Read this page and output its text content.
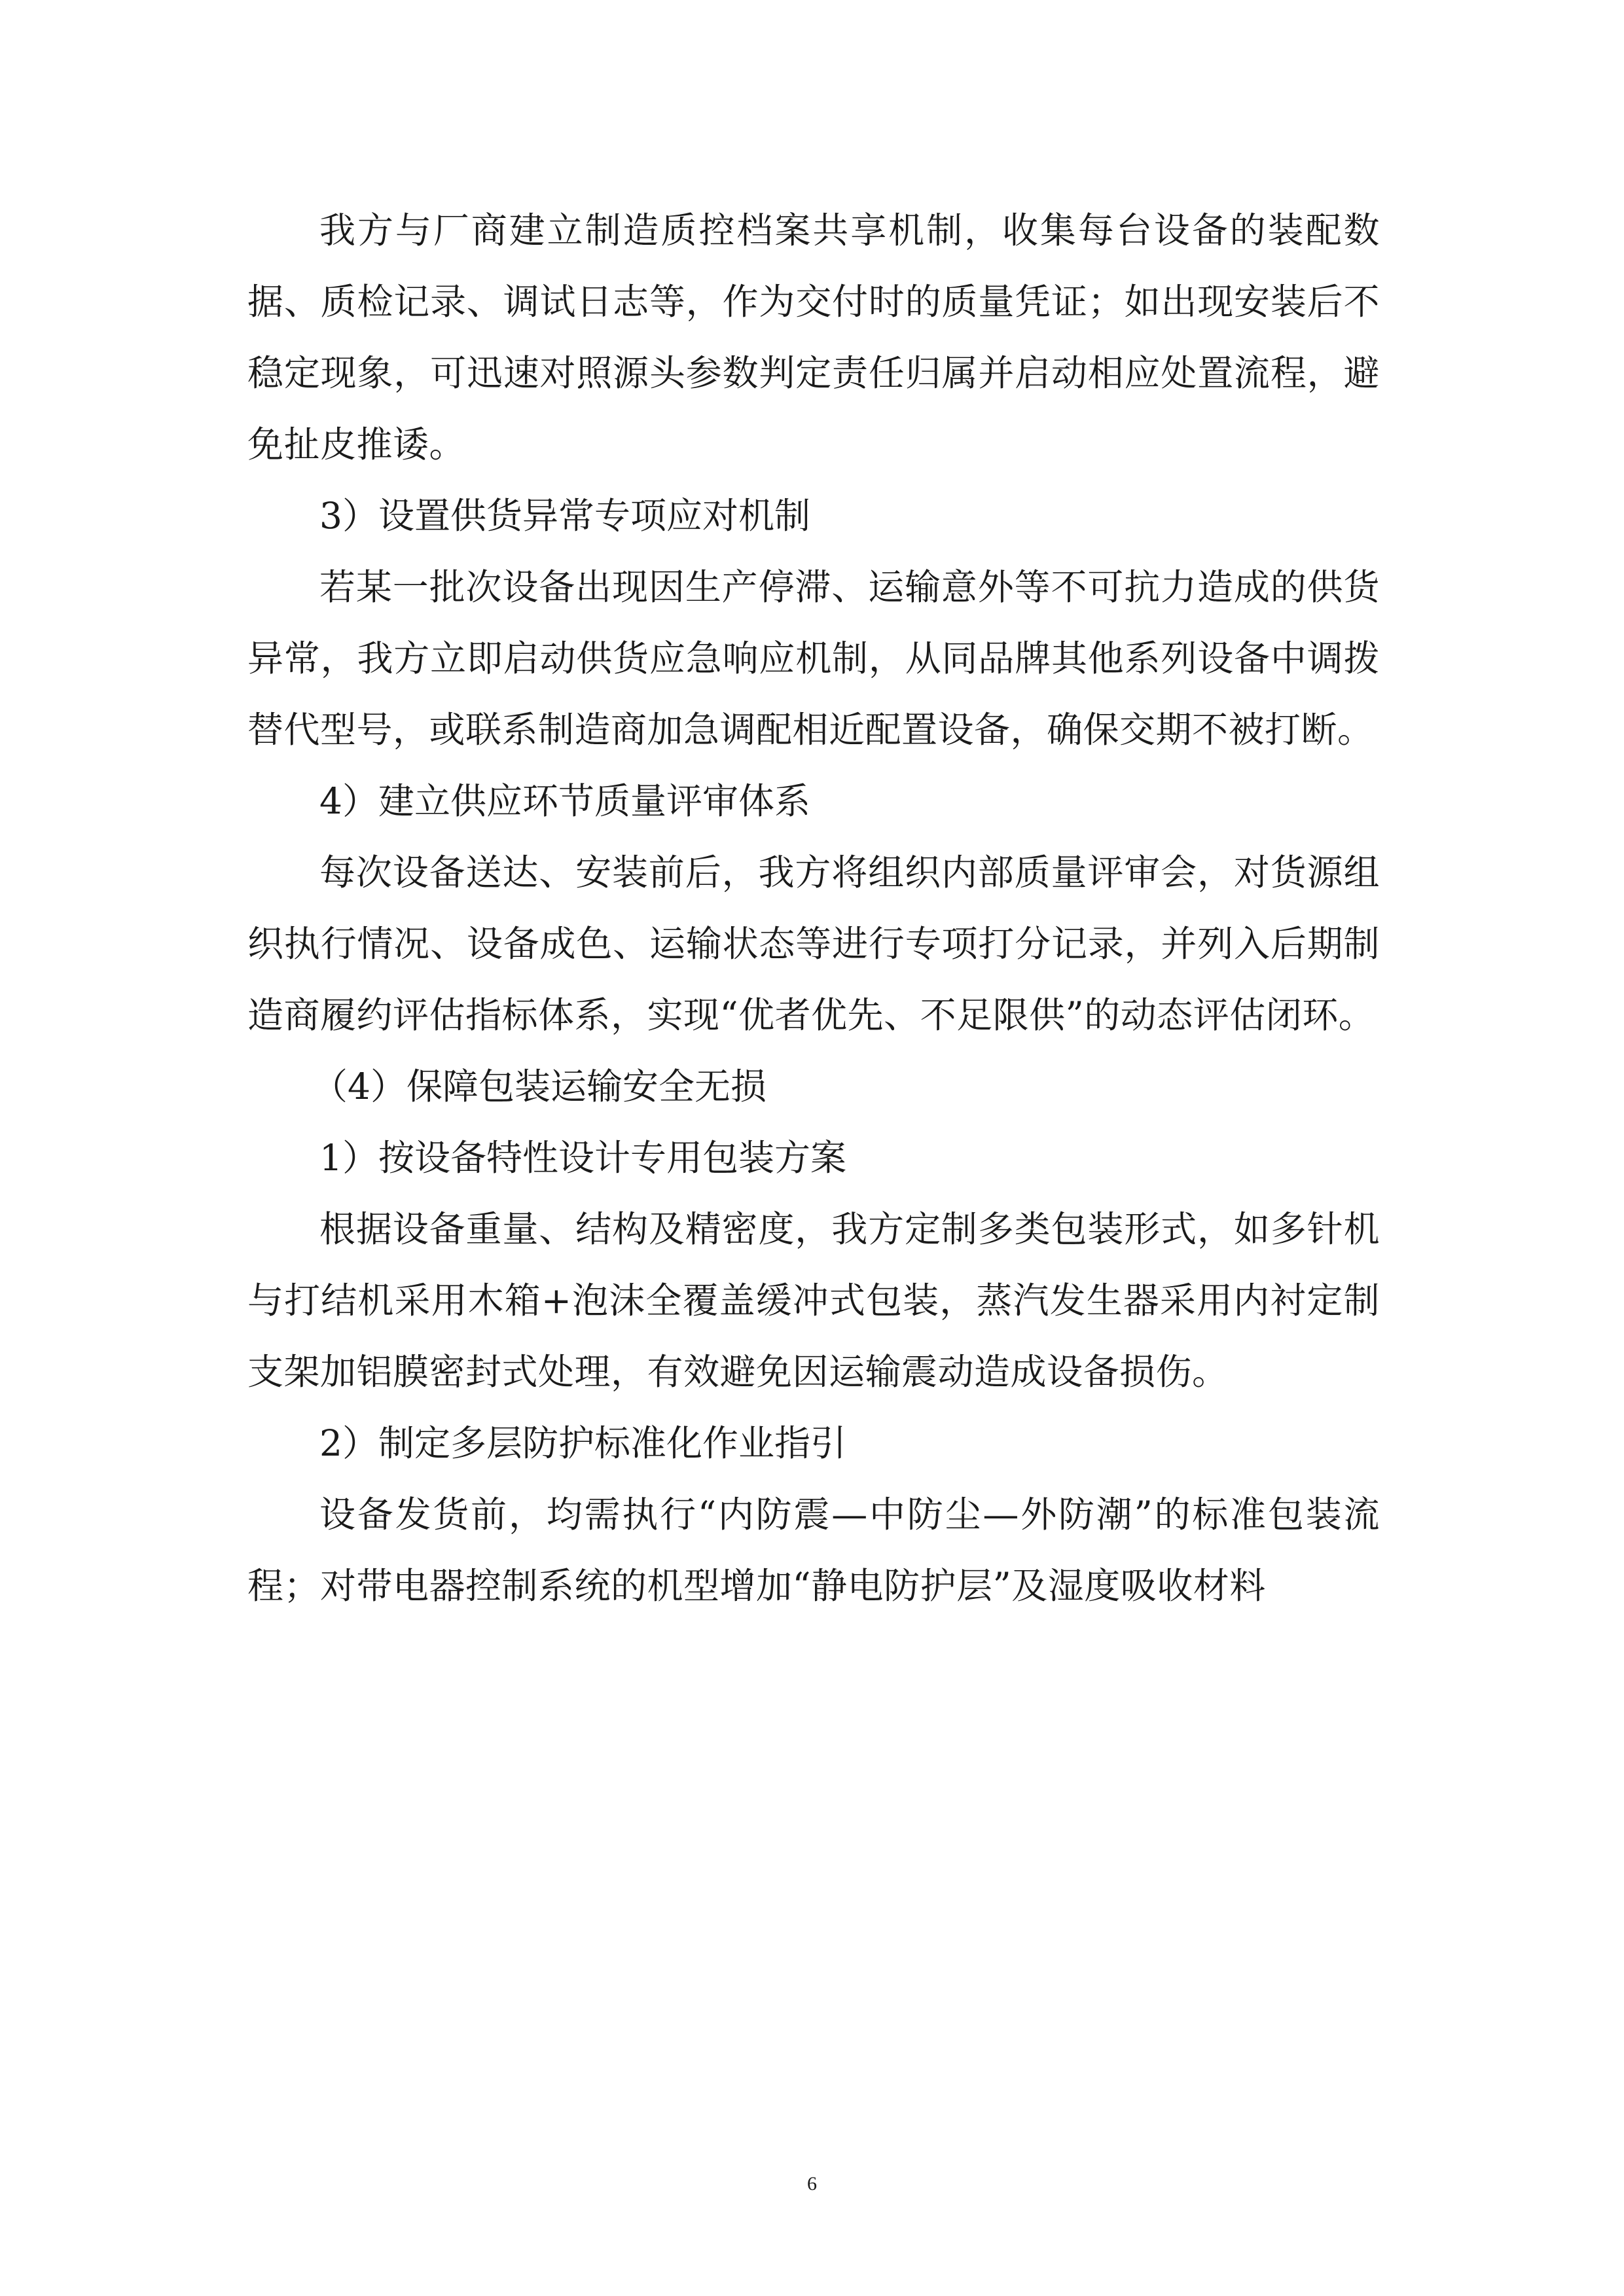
我方与厂商建立制造质控档案共享机制，收集每台设备的装配数据、质检记录、调试日志等，作为交付时的质量凭证；如出现安装后不稳定现象，可迅速对照源头参数判定责任归属并启动相应处置流程，避免扯皮推诿。

3）设置供货异常专项应对机制

若某一批次设备出现因生产停滞、运输意外等不可抗力造成的供货异常，我方立即启动供货应急响应机制，从同品牌其他系列设备中调拨替代型号，或联系制造商加急调配相近配置设备，确保交期不被打断。

4）建立供应环节质量评审体系

每次设备送达、安装前后，我方将组织内部质量评审会，对货源组织执行情况、设备成色、运输状态等进行专项打分记录，并列入后期制造商履约评估指标体系，实现“优者优先、不足限供”的动态评估闭环。

（4）保障包装运输安全无损

1）按设备特性设计专用包装方案

根据设备重量、结构及精密度，我方定制多类包装形式，如多针机与打结机采用木箱+泡沫全覆盖缓冲式包装，蒸汽发生器采用内衬定制支架加铝膜密封式处理，有效避免因运输震动造成设备损伤。

2）制定多层防护标准化作业指引

设备发货前，均需执行“内防震—中防尘—外防潮”的标准包装流程；对带电器控制系统的机型增加“静电防护层”及湿度吸收材料

6
